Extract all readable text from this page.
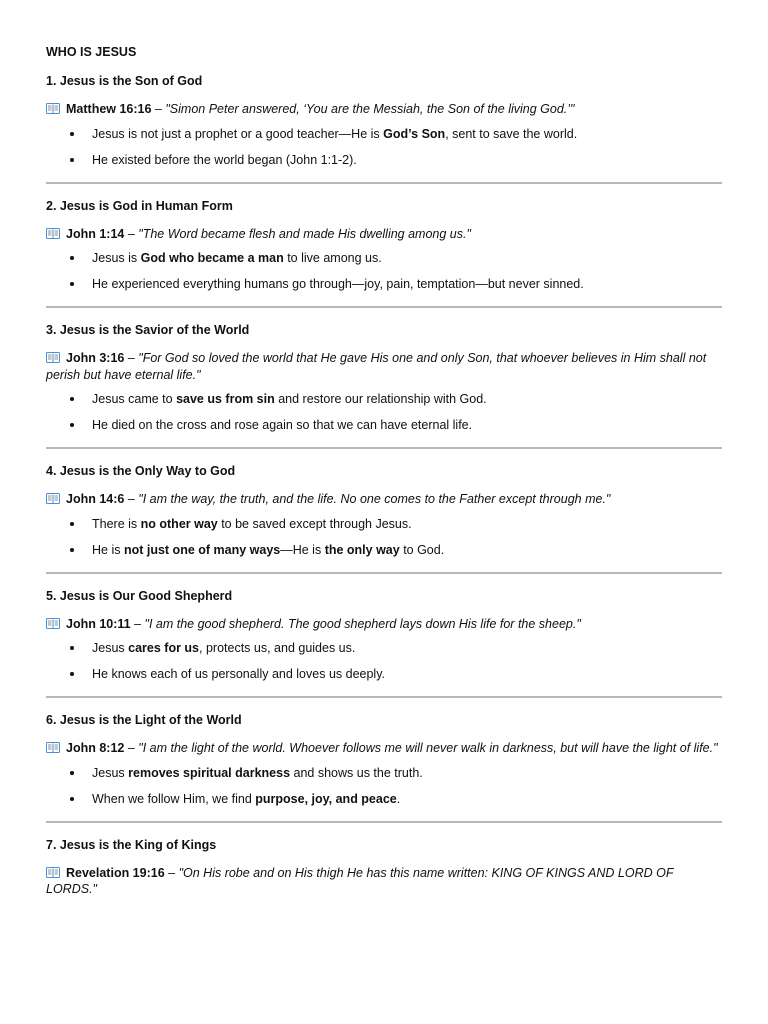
WHO IS JESUS
1. Jesus is the Son of God
Matthew 16:16 – "Simon Peter answered, ‘You are the Messiah, the Son of the living God.’"
Jesus is not just a prophet or a good teacher—He is God’s Son, sent to save the world.
He existed before the world began (John 1:1-2).
2. Jesus is God in Human Form
John 1:14 – "The Word became flesh and made His dwelling among us."
Jesus is God who became a man to live among us.
He experienced everything humans go through—joy, pain, temptation—but never sinned.
3. Jesus is the Savior of the World
John 3:16 – "For God so loved the world that He gave His one and only Son, that whoever believes in Him shall not perish but have eternal life."
Jesus came to save us from sin and restore our relationship with God.
He died on the cross and rose again so that we can have eternal life.
4. Jesus is the Only Way to God
John 14:6 – "I am the way, the truth, and the life. No one comes to the Father except through me."
There is no other way to be saved except through Jesus.
He is not just one of many ways—He is the only way to God.
5. Jesus is Our Good Shepherd
John 10:11 – "I am the good shepherd. The good shepherd lays down His life for the sheep."
Jesus cares for us, protects us, and guides us.
He knows each of us personally and loves us deeply.
6. Jesus is the Light of the World
John 8:12 – "I am the light of the world. Whoever follows me will never walk in darkness, but will have the light of life."
Jesus removes spiritual darkness and shows us the truth.
When we follow Him, we find purpose, joy, and peace.
7. Jesus is the King of Kings
Revelation 19:16 – "On His robe and on His thigh He has this name written: KING OF KINGS AND LORD OF LORDS."
